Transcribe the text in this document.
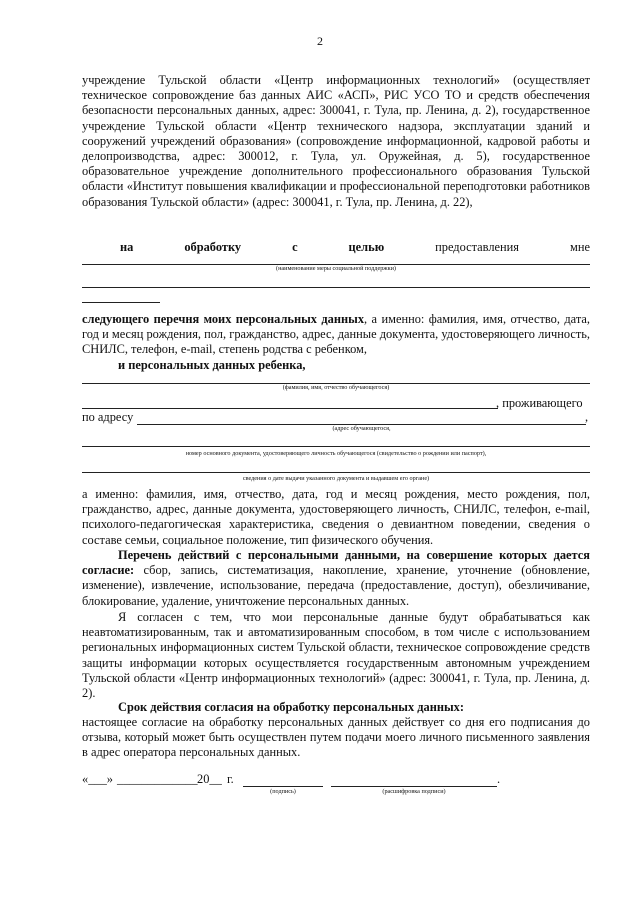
2
учреждение Тульской области «Центр информационных технологий» (осуществляет техническое сопровождение баз данных АИС «АСП», РИС УСО ТО и средств обеспечения безопасности персональных данных, адрес: 300041, г. Тула, пр. Ленина, д. 2), государственное учреждение Тульской области «Центр технического надзора, эксплуатации зданий и сооружений учреждений образования» (сопровождение информационной, кадровой работы и делопроизводства, адрес: 300012, г. Тула, ул. Оружейная, д. 5), государственное образовательное учреждение дополнительного профессионального образования Тульской области «Институт повышения квалификации и профессиональной переподготовки работников образования Тульской области» (адрес: 300041, г. Тула, пр. Ленина, д. 22),
на	обработку	с	целью	предоставления	мне
(наименование меры социальной поддержки)
следующего перечня моих персональных данных, а именно: фамилия, имя, отчество, дата, год и месяц рождения, пол, гражданство, адрес, данные документа, удостоверяющего личность, СНИЛС, телефон, e-mail, степень родства с ребенком,
и персональных данных ребенка,
(фамилия, имя, отчество обучающегося)
, проживающего
по адресу	,
(адрес обучающегося,
номер основного документа, удостоверяющего личность обучающегося (свидетельство о рождении или паспорт),
сведения о дате выдачи указанного документа и выдавшем его органе)
а именно: фамилия, имя, отчество, дата, год и месяц рождения, место рождения, пол, гражданство, адрес, данные документа, удостоверяющего личность, СНИЛС, телефон, e-mail, психолого-педагогическая характеристика, сведения о девиантном поведении, сведения о составе семьи, социальное положение, тип физического обучения.
Перечень действий с персональными данными, на совершение которых дается согласие: сбор, запись, систематизация, накопление, хранение, уточнение (обновление, изменение), извлечение, использование, передача (предоставление, доступ), обезличивание, блокирование, удаление, уничтожение персональных данных.
Я согласен с тем, что мои персональные данные будут обрабатываться как неавтоматизированным, так и автоматизированным способом, в том числе с использованием региональных информационных систем Тульской области, техническое сопровождение средств защиты информации которых осуществляется государственным автономным учреждением Тульской области «Центр информационных технологий» (адрес: 300041, г. Тула, пр. Ленина, д. 2).
Срок действия согласия на обработку персональных данных:
настоящее согласие на обработку персональных данных действует со дня его подписания до отзыва, который может быть осуществлен путем подачи моего личного письменного заявления в адрес оператора персональных данных.
«___» _____________ 20__ г.
(подпись)
.
(расшифровка подписи)
